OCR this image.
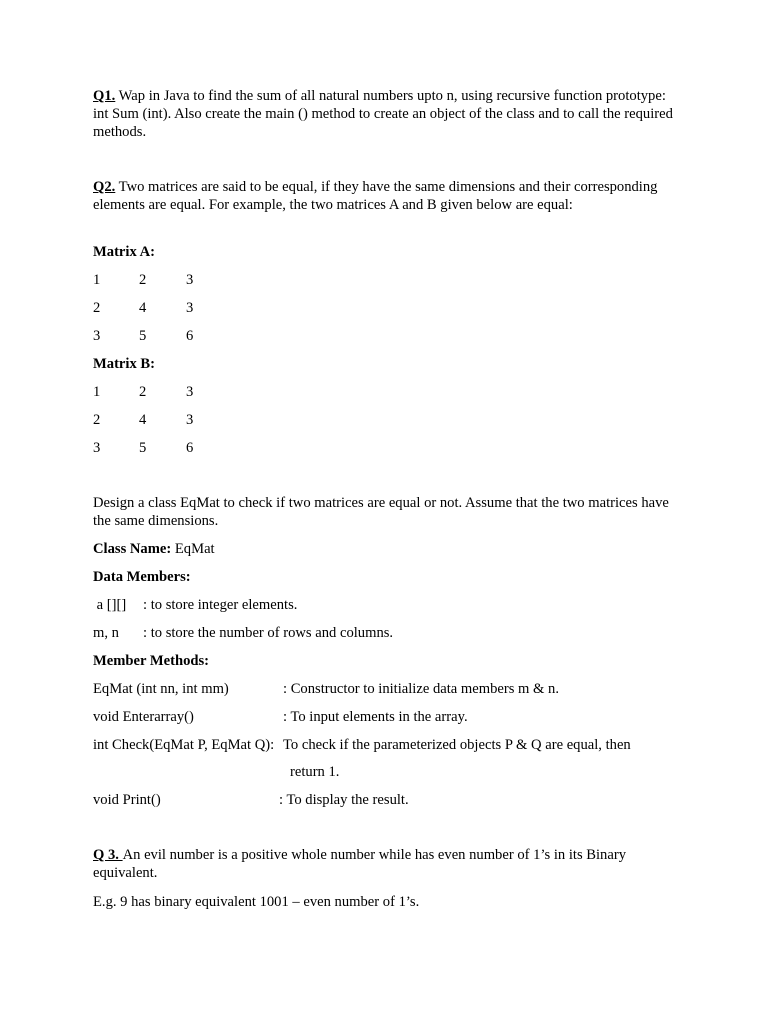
Q1. Wap in Java to find the sum of all natural numbers upto n, using recursive function prototype: int Sum (int). Also create the main () method to create an object of the class and to call the required methods.

Q2. Two matrices are said to be equal, if they have the same dimensions and their corresponding elements are equal. For example, the two matrices A and B given below are equal:

Matrix A:

1	2	3
2	4	3
3	5	6

Matrix B:

1	2	3
2	4	3
3	5	6

Design a class EqMat to check if two matrices are equal or not. Assume that the two matrices have the same dimensions.

Class Name: EqMat

Data Members:

a [][] : to store integer elements.
m, n : to store the number of rows and columns.

Member Methods:

EqMat (int nn, int mm)	: Constructor to initialize data members m & n.
void Enterarray()	: To input elements in the array.
int Check(EqMat P, EqMat Q): To check if the parameterized objects P & Q are equal, then
return 1.
void Print()	: To display the result.

Q 3. An evil number is a positive whole number while has even number of 1’s in its Binary equivalent.

E.g. 9 has binary equivalent 1001 – even number of 1’s.
